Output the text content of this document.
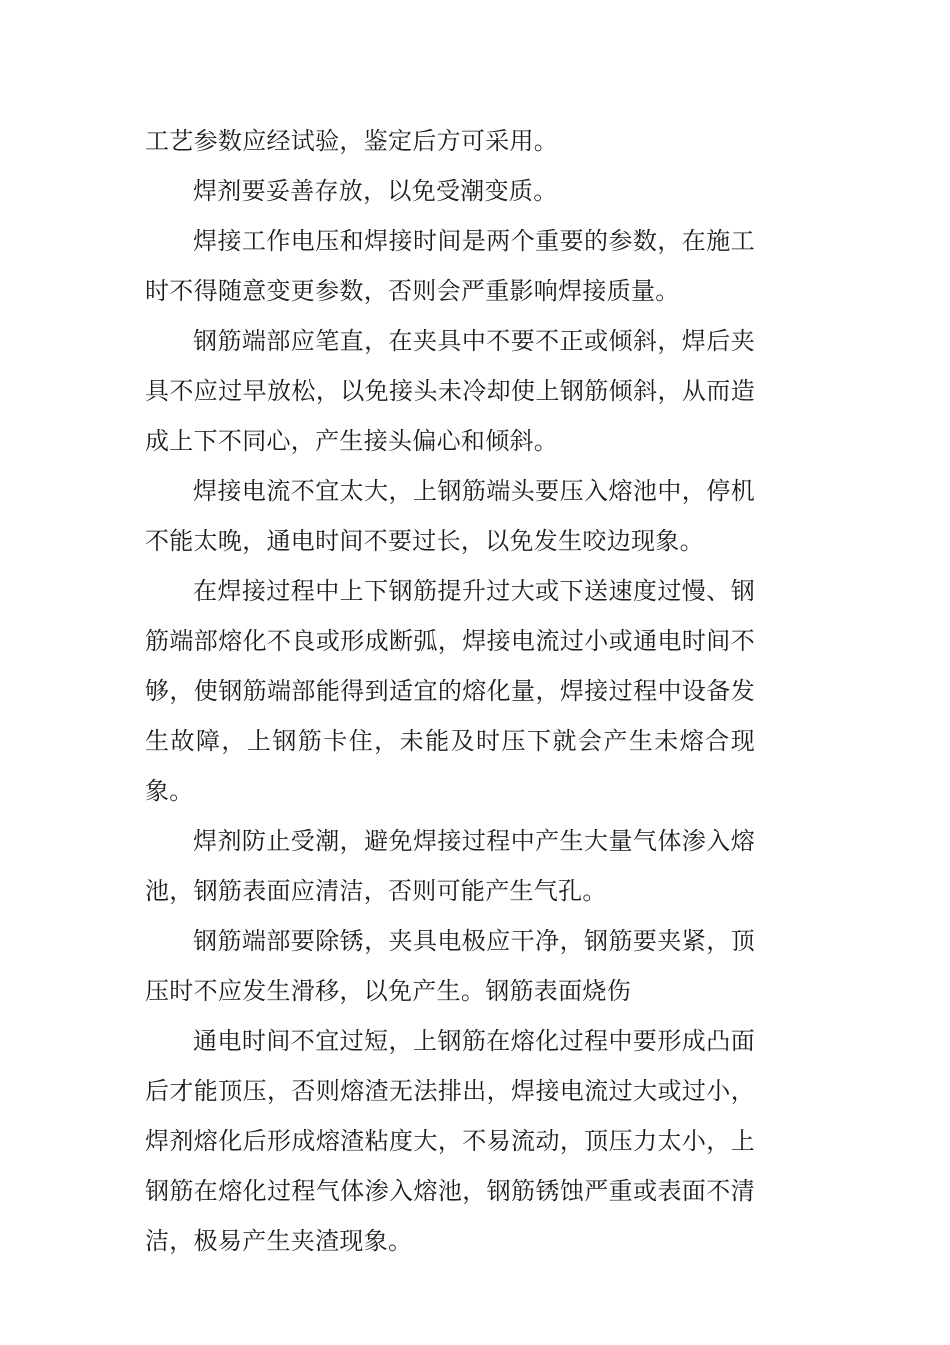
工艺参数应经试验，鉴定后方可采用。

焊剂要妥善存放，以免受潮变质。

焊接工作电压和焊接时间是两个重要的参数，在施工时不得随意变更参数，否则会严重影响焊接质量。

钢筋端部应笔直，在夹具中不要不正或倾斜，焊后夹具不应过早放松，以免接头未冷却使上钢筋倾斜，从而造成上下不同心，产生接头偏心和倾斜。

焊接电流不宜太大，上钢筋端头要压入熔池中，停机不能太晚，通电时间不要过长，以免发生咬边现象。

在焊接过程中上下钢筋提升过大或下送速度过慢、钢筋端部熔化不良或形成断弧，焊接电流过小或通电时间不够，使钢筋端部能得到适宜的熔化量，焊接过程中设备发生故障，上钢筋卡住，未能及时压下就会产生未熔合现象。

焊剂防止受潮，避免焊接过程中产生大量气体渗入熔池，钢筋表面应清洁，否则可能产生气孔。

钢筋端部要除锈，夹具电极应干净，钢筋要夹紧，顶压时不应发生滑移，以免产生。钢筋表面烧伤

通电时间不宜过短，上钢筋在熔化过程中要形成凸面后才能顶压，否则熔渣无法排出，焊接电流过大或过小，焊剂熔化后形成熔渣粘度大，不易流动，顶压力太小，上钢筋在熔化过程气体渗入熔池，钢筋锈蚀严重或表面不清洁，极易产生夹渣现象。
